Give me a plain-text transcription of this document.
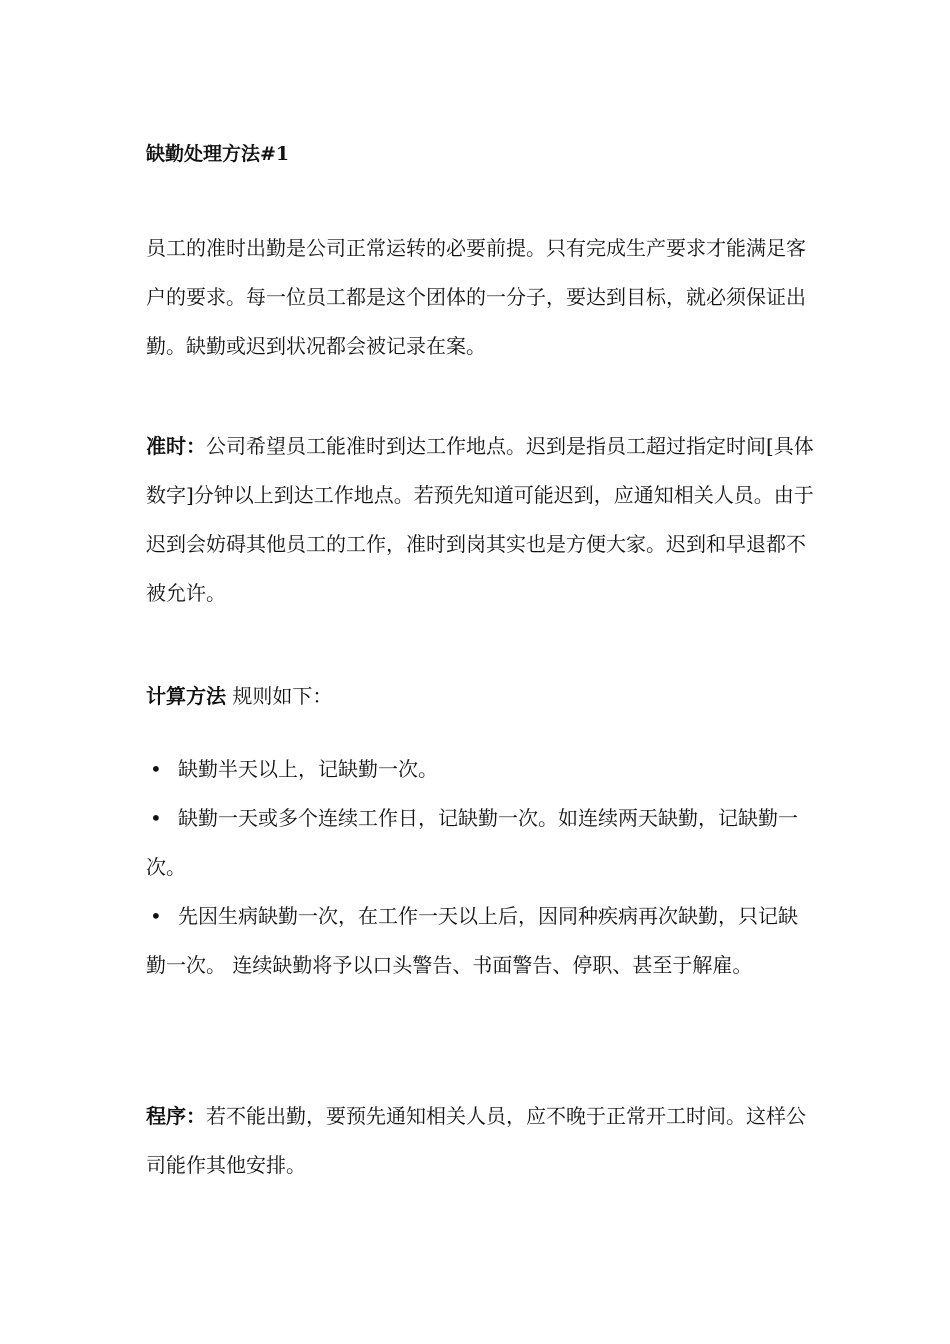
缺勤处理方法#1

员工的准时出勤是公司正常运转的必要前提。只有完成生产要求才能满足客户的要求。每一位员工都是这个团体的一分子，要达到目标，就必须保证出勤。缺勤或迟到状况都会被记录在案。

准时：公司希望员工能准时到达工作地点。迟到是指员工超过指定时间[具体数字]分钟以上到达工作地点。若预先知道可能迟到，应通知相关人员。由于迟到会妨碍其他员工的工作，准时到岗其实也是方便大家。迟到和早退都不被允许。

计算方法 规则如下：

• 缺勤半天以上，记缺勤一次。

• 缺勤一天或多个连续工作日，记缺勤一次。如连续两天缺勤，记缺勤一次。

• 先因生病缺勤一次，在工作一天以上后，因同种疾病再次缺勤，只记缺勤一次。 连续缺勤将予以口头警告、书面警告、停职、甚至于解雇。

程序：若不能出勤，要预先通知相关人员，应不晚于正常开工时间。这样公司能作其他安排。
